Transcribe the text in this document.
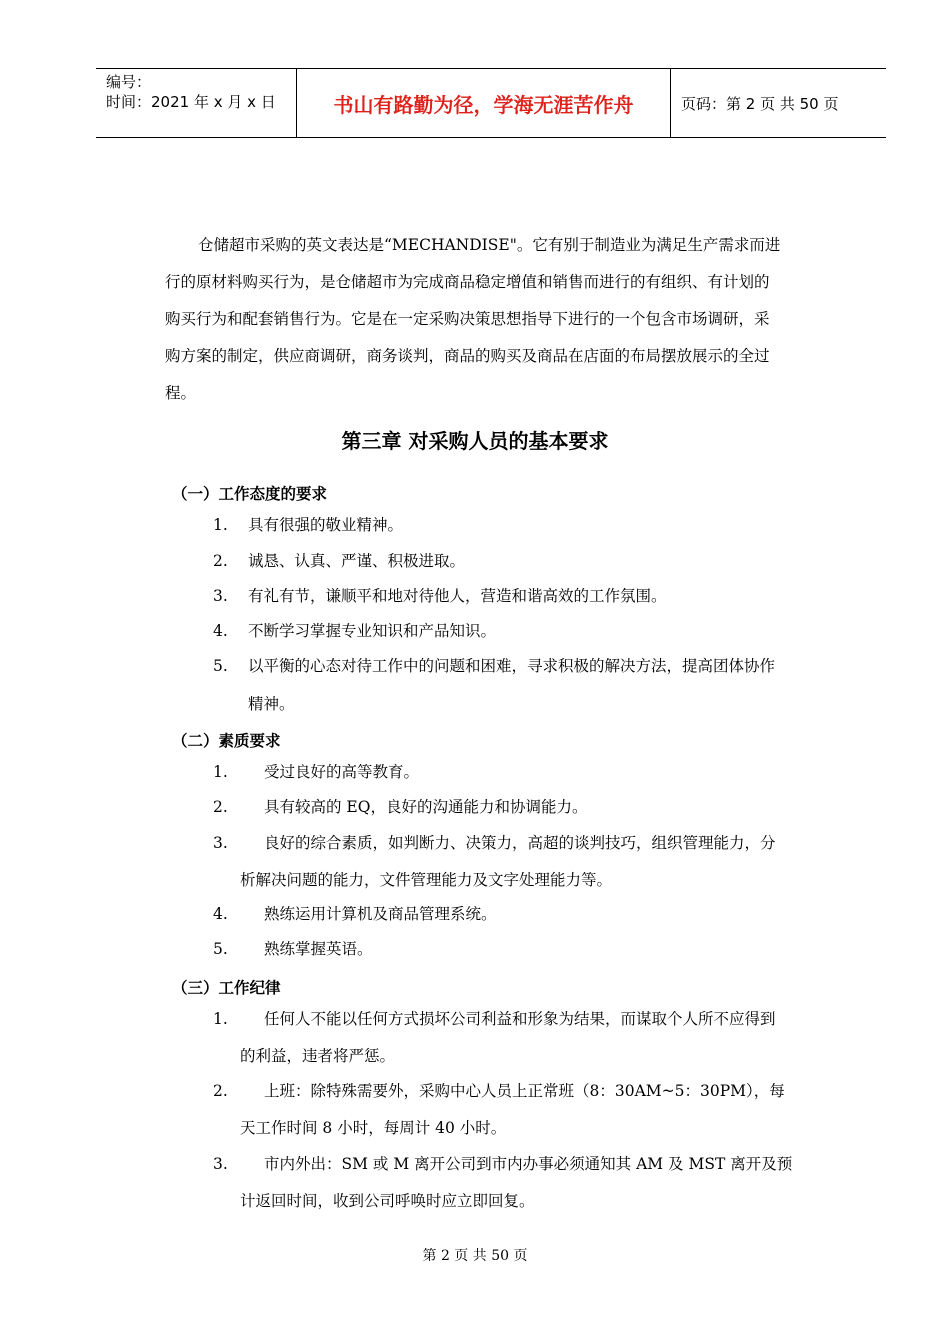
编号：
时间：2021 年 x 月 x 日	书山有路勤为径，学海无涯苦作舟	页码：第 2 页 共 50 页
仓储超市采购的英文表达是“MECHANDISE"。它有别于制造业为满足生产需求而进
行的原材料购买行为，是仓储超市为完成商品稳定增值和销售而进行的有组织、有计划的
购买行为和配套销售行为。它是在一定采购决策思想指导下进行的一个包含市场调研，采
购方案的制定，供应商调研，商务谈判，商品的购买及商品在店面的布局摆放展示的全过
程。
第三章 对采购人员的基本要求
（一）工作态度的要求
1. 具有很强的敬业精神。
2. 诚恳、认真、严谨、积极进取。
3. 有礼有节，谦顺平和地对待他人，营造和谐高效的工作氛围。
4. 不断学习掌握专业知识和产品知识。
5. 以平衡的心态对待工作中的问题和困难，寻求积极的解决方法，提高团体协作
精神。
（二）素质要求
1. 受过良好的高等教育。
2. 具有较高的 EQ，良好的沟通能力和协调能力。
3. 良好的综合素质，如判断力、决策力，高超的谈判技巧，组织管理能力，分
析解决问题的能力，文件管理能力及文字处理能力等。
4. 熟练运用计算机及商品管理系统。
5. 熟练掌握英语。
（三）工作纪律
1. 任何人不能以任何方式损坏公司利益和形象为结果，而谋取个人所不应得到
的利益，违者将严惩。
2. 上班：除特殊需要外，采购中心人员上正常班（8：30AM~5：30PM），每
天工作时间 8 小时，每周计 40 小时。
3. 市内外出：SM 或 M 离开公司到市内办事必须通知其 AM 及 MST 离开及预
计返回时间，收到公司呼唤时应立即回复。
第 2 页 共 50 页
